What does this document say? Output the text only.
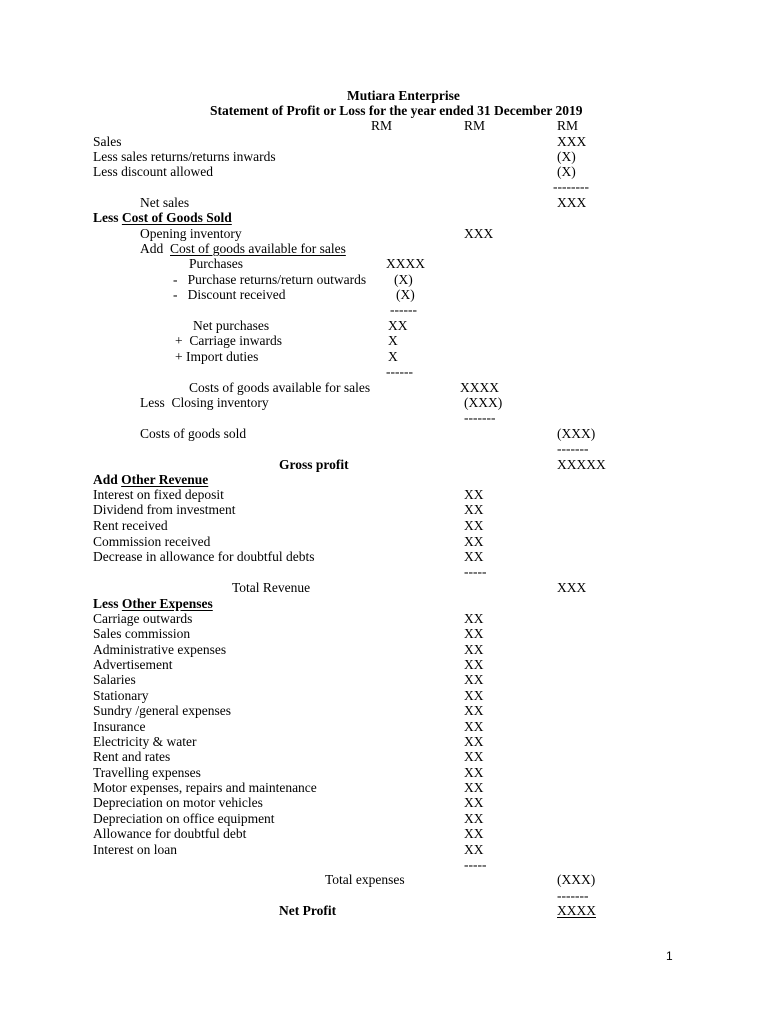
Mutiara Enterprise
Statement of Profit or Loss for the year ended 31 December 2019
RM	RM	RM
Sales	XXX
Less sales returns/returns inwards	(X)
Less discount allowed	(X)
--------
Net sales	XXX
Less Cost of Goods Sold
Opening inventory	XXX
Add  Cost of goods available for sales
Purchases	XXXX
-   Purchase returns/return outwards (X)
-   Discount received	(X)
------
Net purchases	XX
+  Carriage inwards	X
+ Import duties	X
------
Costs of goods available for sales	XXXX
Less  Closing inventory	(XXX)
-------
Costs of goods sold	(XXX)
-------
Gross profit	XXXXX
Add Other Revenue
Interest on fixed deposit	XX
Dividend from investment	XX
Rent received	XX
Commission received	XX
Decrease in allowance for doubtful debts	XX
-----
Total Revenue	XXX
Less Other Expenses
Carriage outwards	XX
Sales commission	XX
Administrative expenses	XX
Advertisement	XX
Salaries	XX
Stationary	XX
Sundry /general expenses	XX
Insurance	XX
Electricity & water	XX
Rent and rates	XX
Travelling expenses	XX
Motor expenses, repairs and maintenance	XX
Depreciation on motor vehicles	XX
Depreciation on office equipment	XX
Allowance for doubtful debt	XX
Interest on loan	XX
-----
Total expenses	(XXX)
-------
Net Profit	XXXX
1
